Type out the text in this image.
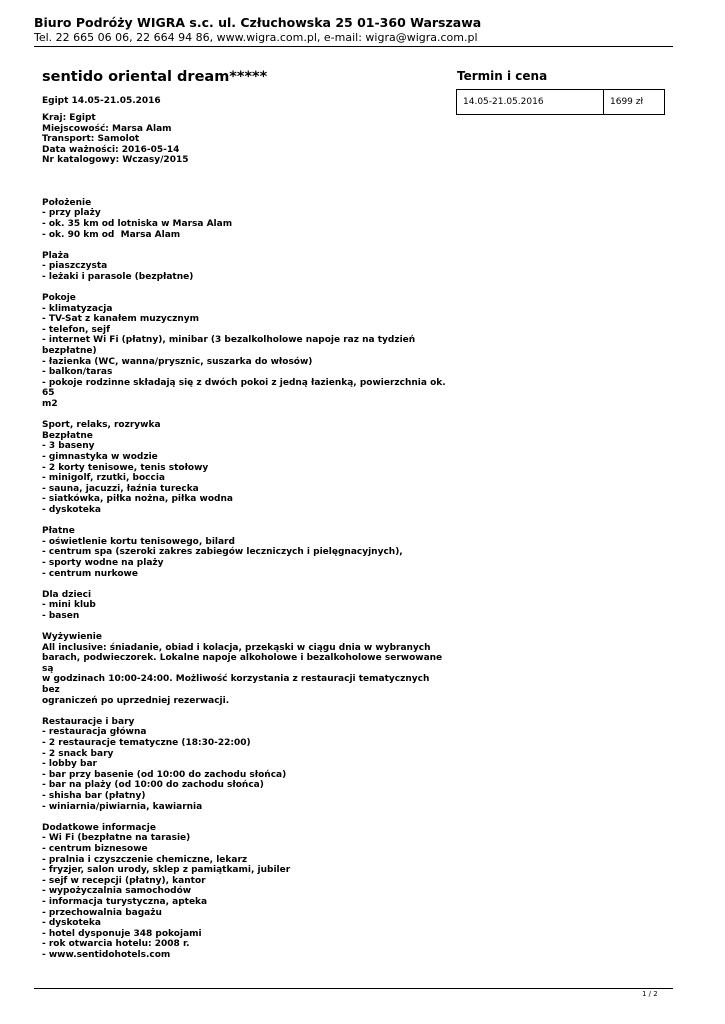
Biuro Podróży WIGRA s.c. ul. Człuchowska 25 01-360 Warszawa
Tel. 22 665 06 06, 22 664 94 86, www.wigra.com.pl, e-mail: wigra@wigra.com.pl
sentido oriental dream*****
Egipt 14.05-21.05.2016
Kraj: Egipt
Miejscowość: Marsa Alam
Transport: Samolot
Data ważności: 2016-05-14
Nr katalogowy: Wczasy/2015

Położenie
- przy plaży
- ok. 35 km od lotniska w Marsa Alam
- ok. 90 km od  Marsa Alam

Plaża
- piaszczysta
- leżaki i parasole (bezpłatne)

Pokoje
- klimatyzacja
- TV-Sat z kanałem muzycznym
- telefon, sejf
- internet Wi Fi (płatny), minibar (3 bezalkolholowe napoje raz na tydzień
bezpłatne)
- łazienka (WC, wanna/prysznic, suszarka do włosów)
- balkon/taras
- pokoje rodzinne składają się z dwóch pokoi z jedną łazienką, powierzchnia ok. 65
m2

Sport, relaks, rozrywka
Bezpłatne
- 3 baseny
- gimnastyka w wodzie
- 2 korty tenisowe, tenis stołowy
- minigolf, rzutki, boccia
- sauna, jacuzzi, łaźnia turecka
- siatkówka, piłka nożna, piłka wodna
- dyskoteka

Płatne
- oświetlenie kortu tenisowego, bilard
- centrum spa (szeroki zakres zabiegów leczniczych i pielęgnacyjnych),
- sporty wodne na plaży
- centrum nurkowe

Dla dzieci
- mini klub
- basen

Wyżywienie
All inclusive: śniadanie, obiad i kolacja, przekąski w ciągu dnia w wybranych
barach, podwieczorek. Lokalne napoje alkoholowe i bezalkoholowe serwowane są
w godzinach 10:00-24:00. Możliwość korzystania z restauracji tematycznych bez
ograniczeń po uprzedniej rezerwacji.

Restauracje i bary
- restauracja główna
- 2 restauracje tematyczne (18:30-22:00)
- 2 snack bary
- lobby bar
- bar przy basenie (od 10:00 do zachodu słońca)
- bar na plaży (od 10:00 do zachodu słońca)
- shisha bar (płatny)
- winiarnia/piwiarnia, kawiarnia

Dodatkowe informacje
- Wi Fi (bezpłatne na tarasie)
- centrum biznesowe
- pralnia i czyszczenie chemiczne, lekarz
- fryzjer, salon urody, sklep z pamiątkami, jubiler
- sejf w recepcji (płatny), kantor
- wypożyczalnia samochodów
- informacja turystyczna, apteka
- przechowalnia bagażu
- dyskoteka
- hotel dysponuje 348 pokojami
- rok otwarcia hotelu: 2008 r.
- www.sentidohotels.com
Termin i cena
14.05-21.05.2016	1699 zł
1 / 2
